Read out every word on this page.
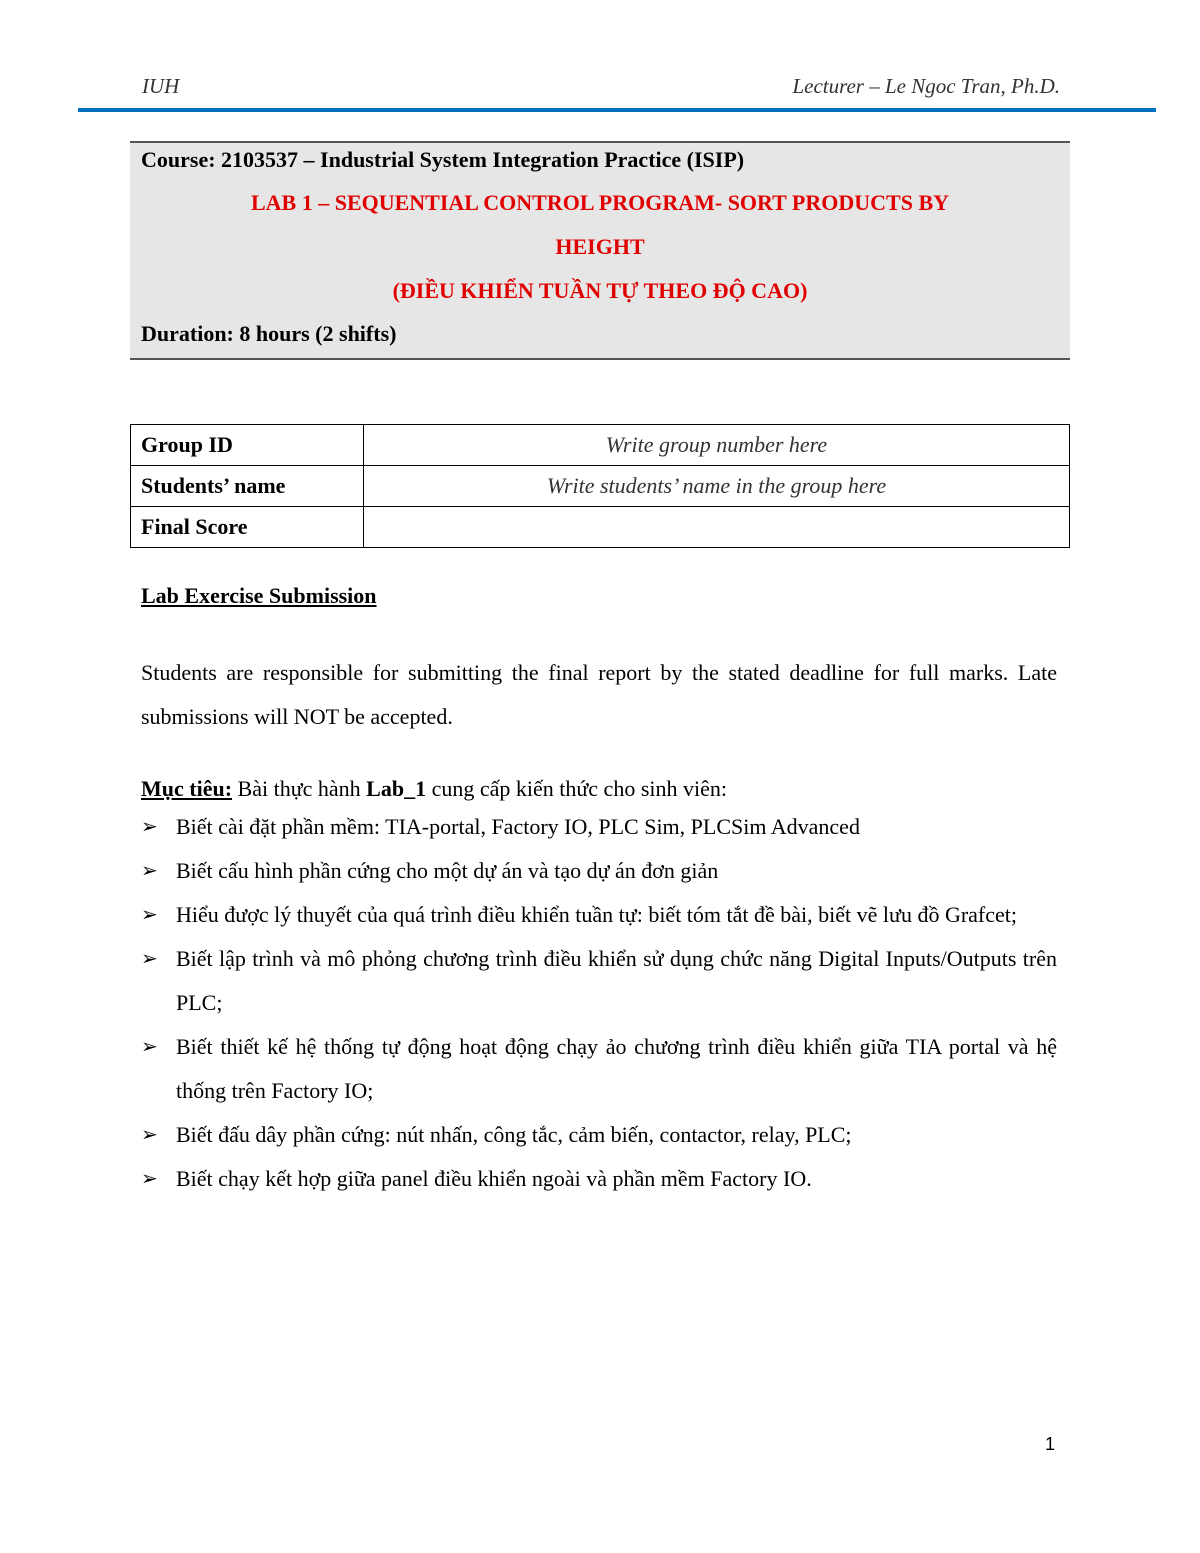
IUH	Lecturer – Le Ngoc Tran, Ph.D.
Course: 2103537 – Industrial System Integration Practice (ISIP)
LAB 1 – SEQUENTIAL CONTROL PROGRAM- SORT PRODUCTS BY
HEIGHT
(ĐIỀU KHIỂN TUẦN TỰ THEO ĐỘ CAO)
Duration: 8 hours (2 shifts)
Group ID	Write group number here
Students’ name	Write students’ name in the group here
Final Score	
Lab Exercise Submission
Students are responsible for submitting the final report by the stated deadline for full marks. Late submissions will NOT be accepted.
Mục tiêu: Bài thực hành Lab_1 cung cấp kiến thức cho sinh viên:
➢ Biết cài đặt phần mềm: TIA-portal, Factory IO, PLC Sim, PLCSim Advanced
➢ Biết cấu hình phần cứng cho một dự án và tạo dự án đơn giản
➢ Hiểu được lý thuyết của quá trình điều khiển tuần tự: biết tóm tắt đề bài, biết vẽ lưu đồ Grafcet;
➢ Biết lập trình và mô phỏng chương trình điều khiển sử dụng chức năng Digital Inputs/Outputs trên PLC;
➢ Biết thiết kế hệ thống tự động hoạt động chạy ảo chương trình điều khiển giữa TIA portal và hệ thống trên Factory IO;
➢ Biết đấu dây phần cứng: nút nhấn, công tắc, cảm biến, contactor, relay, PLC;
➢ Biết chạy kết hợp giữa panel điều khiển ngoài và phần mềm Factory IO.
1
